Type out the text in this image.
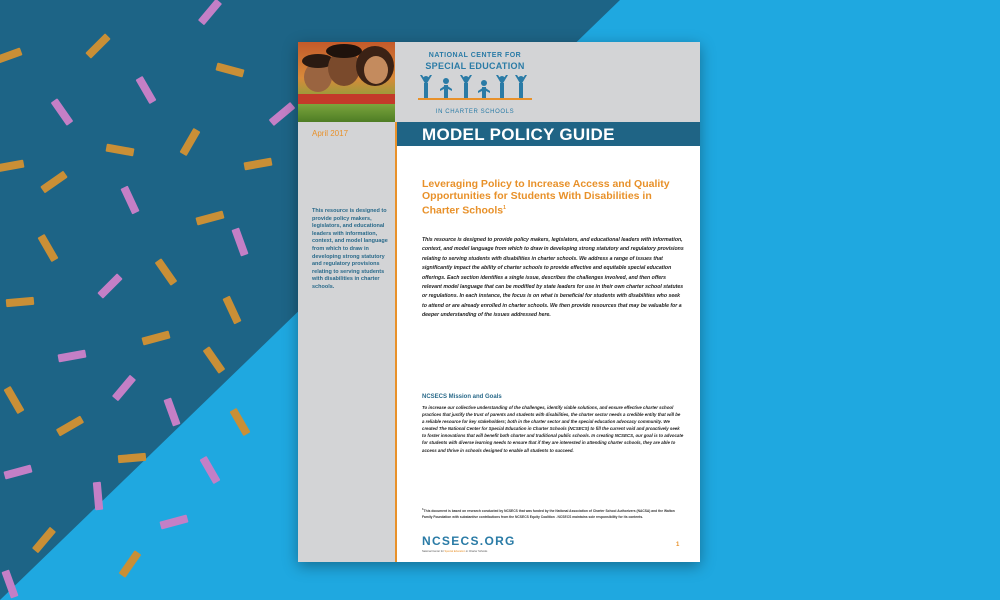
NATIONAL CENTER FOR
SPECIAL EDUCATION
IN CHARTER SCHOOLS
April 2017	MODEL POLICY GUIDE
This resource is designed to provide policy makers, legislators, and educational leaders with information, context, and model language from which to draw in developing strong statutory and regulatory provisions relating to serving students with disabilities in charter schools.
Leveraging Policy to Increase Access and Quality Opportunities for Students With Disabilities in Charter Schools$^1$
This resource is designed to provide policy makers, legislators, and educational leaders with information, context, and model language from which to draw in developing strong statutory and regulatory provisions relating to serving students with disabilities in charter schools. We address a range of issues that significantly impact the ability of charter schools to provide effective and equitable special education offerings. Each section identifies a single issue, describes the challenges involved, and then offers relevant model language that can be modified by state leaders for use in their own charter school statutes or regulations. In each instance, the focus is on what is beneficial for students with disabilities who seek to attend or are already enrolled in charter schools. We then provide resources that may be valuable for a deeper understanding of the issues addressed here.
NCSECS Mission and Goals
To increase our collective understanding of the challenges, identify viable solutions, and ensure effective charter school practices that justify the trust of parents and students with disabilities, the charter sector needs a credible entity that will be a reliable resource for key stakeholders; both in the charter sector and the special education advocacy community. We created The National Center for Special Education in Charter Schools (NCSECS) to fill the current void and proactively seek to foster innovations that will benefit both charter and traditional public schools. In creating NCSECS, our goal is to advocate for students with diverse learning needs to ensure that if they are interested in attending charter schools, they are able to access and thrive in schools designed to enable all students to succeed.
$^1$This document is based on research conducted by NCSECS that was funded by the National Association of Charter School Authorizers (NACSA) and the Walton Family Foundation with substantive contributions from the NCSECS Equity Coalition . NCSECS maintains sole responsibility for its contents.
NCSECS.ORG
National Center for Special Education in Charter Schools
1
